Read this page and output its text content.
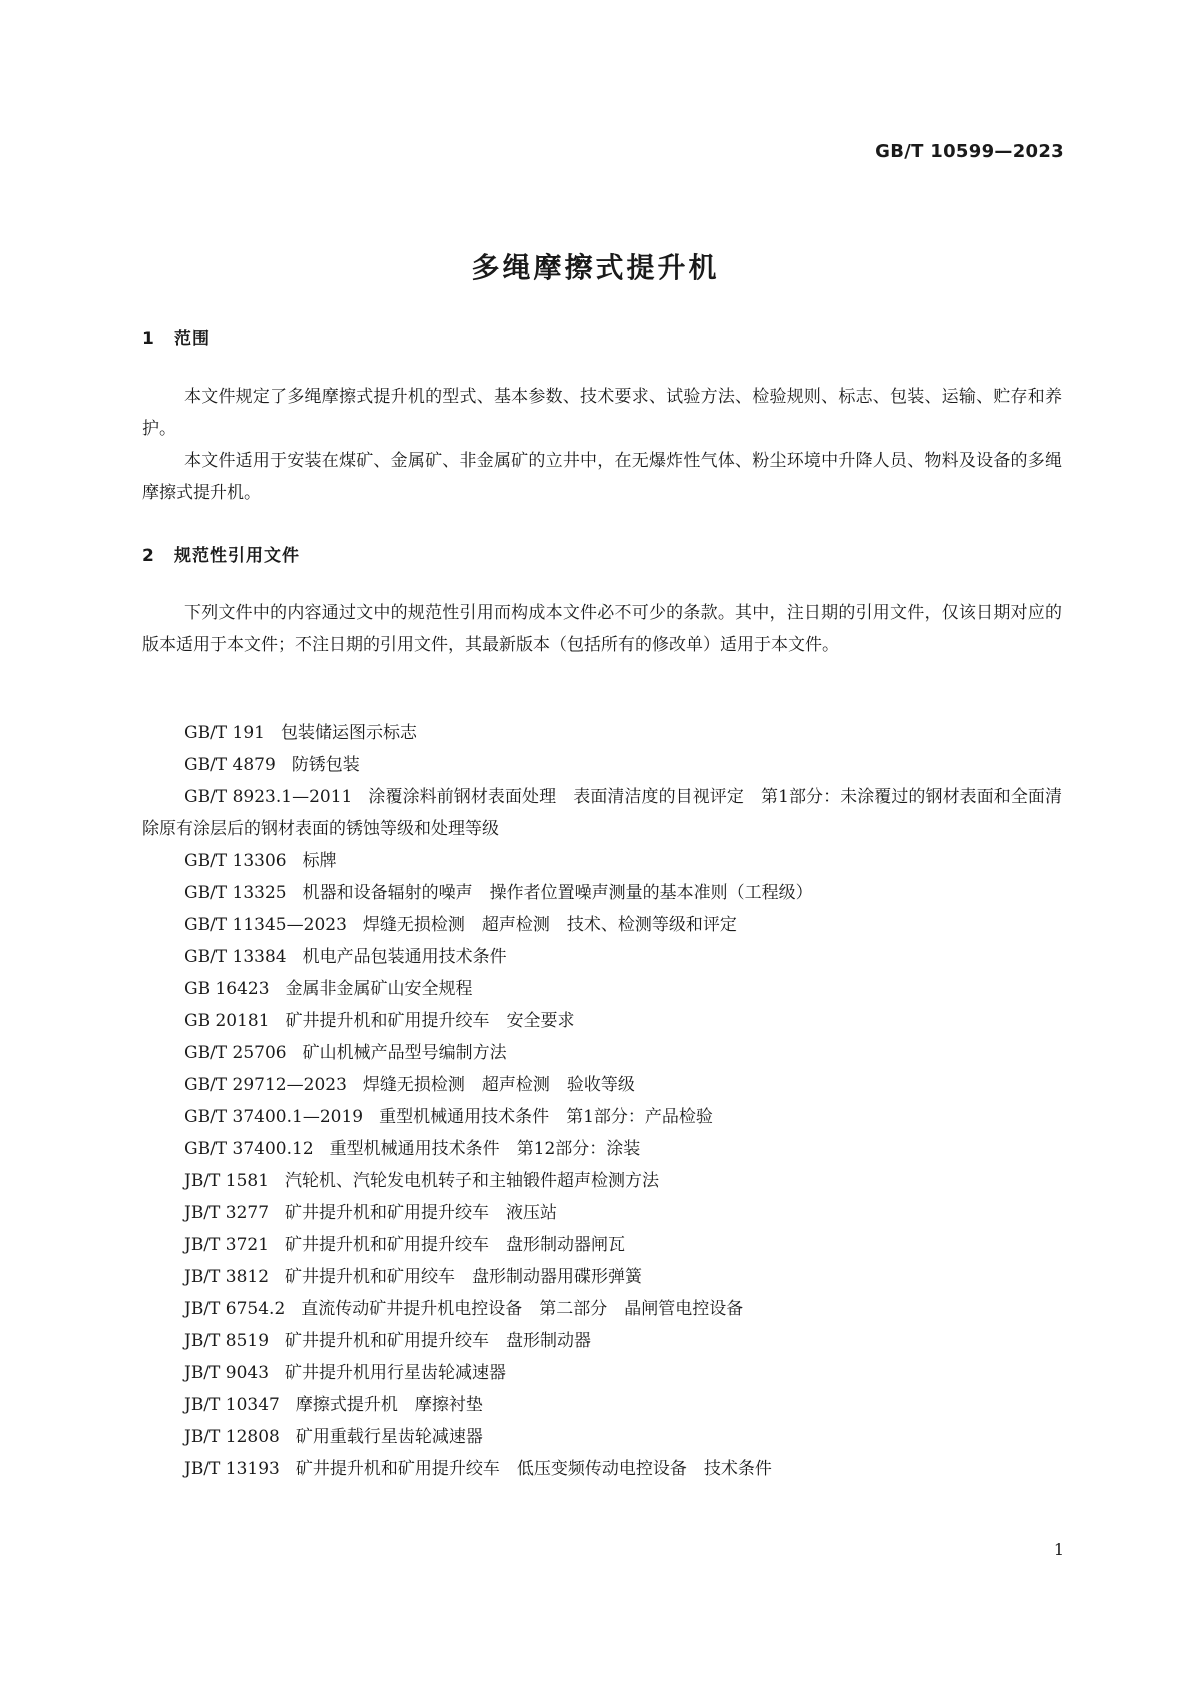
GB/T 10599—2023
多绳摩擦式提升机
1 范围

本文件规定了多绳摩擦式提升机的型式、基本参数、技术要求、试验方法、检验规则、标志、包装、运输、贮存和养护。

本文件适用于安装在煤矿、金属矿、非金属矿的立井中，在无爆炸性气体、粉尘环境中升降人员、物料及设备的多绳摩擦式提升机。

2 规范性引用文件

下列文件中的内容通过文中的规范性引用而构成本文件必不可少的条款。其中，注日期的引用文件，仅该日期对应的版本适用于本文件；不注日期的引用文件，其最新版本（包括所有的修改单）适用于本文件。

GB/T 191 包装储运图示标志

GB/T 4879 防锈包装

GB/T 8923.1—2011 涂覆涂料前钢材表面处理　表面清洁度的目视评定　第1部分：未涂覆过的钢材表面和全面清除原有涂层后的钢材表面的锈蚀等级和处理等级

GB/T 13306 标牌

GB/T 13325 机器和设备辐射的噪声　操作者位置噪声测量的基本准则（工程级）

GB/T 11345—2023 焊缝无损检测　超声检测　技术、检测等级和评定

GB/T 13384 机电产品包装通用技术条件

GB 16423 金属非金属矿山安全规程

GB 20181 矿井提升机和矿用提升绞车　安全要求

GB/T 25706 矿山机械产品型号编制方法

GB/T 29712—2023 焊缝无损检测　超声检测　验收等级

GB/T 37400.1—2019 重型机械通用技术条件　第1部分：产品检验

GB/T 37400.12 重型机械通用技术条件　第12部分：涂装

JB/T 1581 汽轮机、汽轮发电机转子和主轴锻件超声检测方法

JB/T 3277 矿井提升机和矿用提升绞车　液压站

JB/T 3721 矿井提升机和矿用提升绞车　盘形制动器闸瓦

JB/T 3812 矿井提升机和矿用绞车　盘形制动器用碟形弹簧

JB/T 6754.2 直流传动矿井提升机电控设备　第二部分　晶闸管电控设备

JB/T 8519 矿井提升机和矿用提升绞车　盘形制动器

JB/T 9043 矿井提升机用行星齿轮减速器

JB/T 10347 摩擦式提升机　摩擦衬垫

JB/T 12808 矿用重载行星齿轮减速器

JB/T 13193 矿井提升机和矿用提升绞车　低压变频传动电控设备　技术条件

1
